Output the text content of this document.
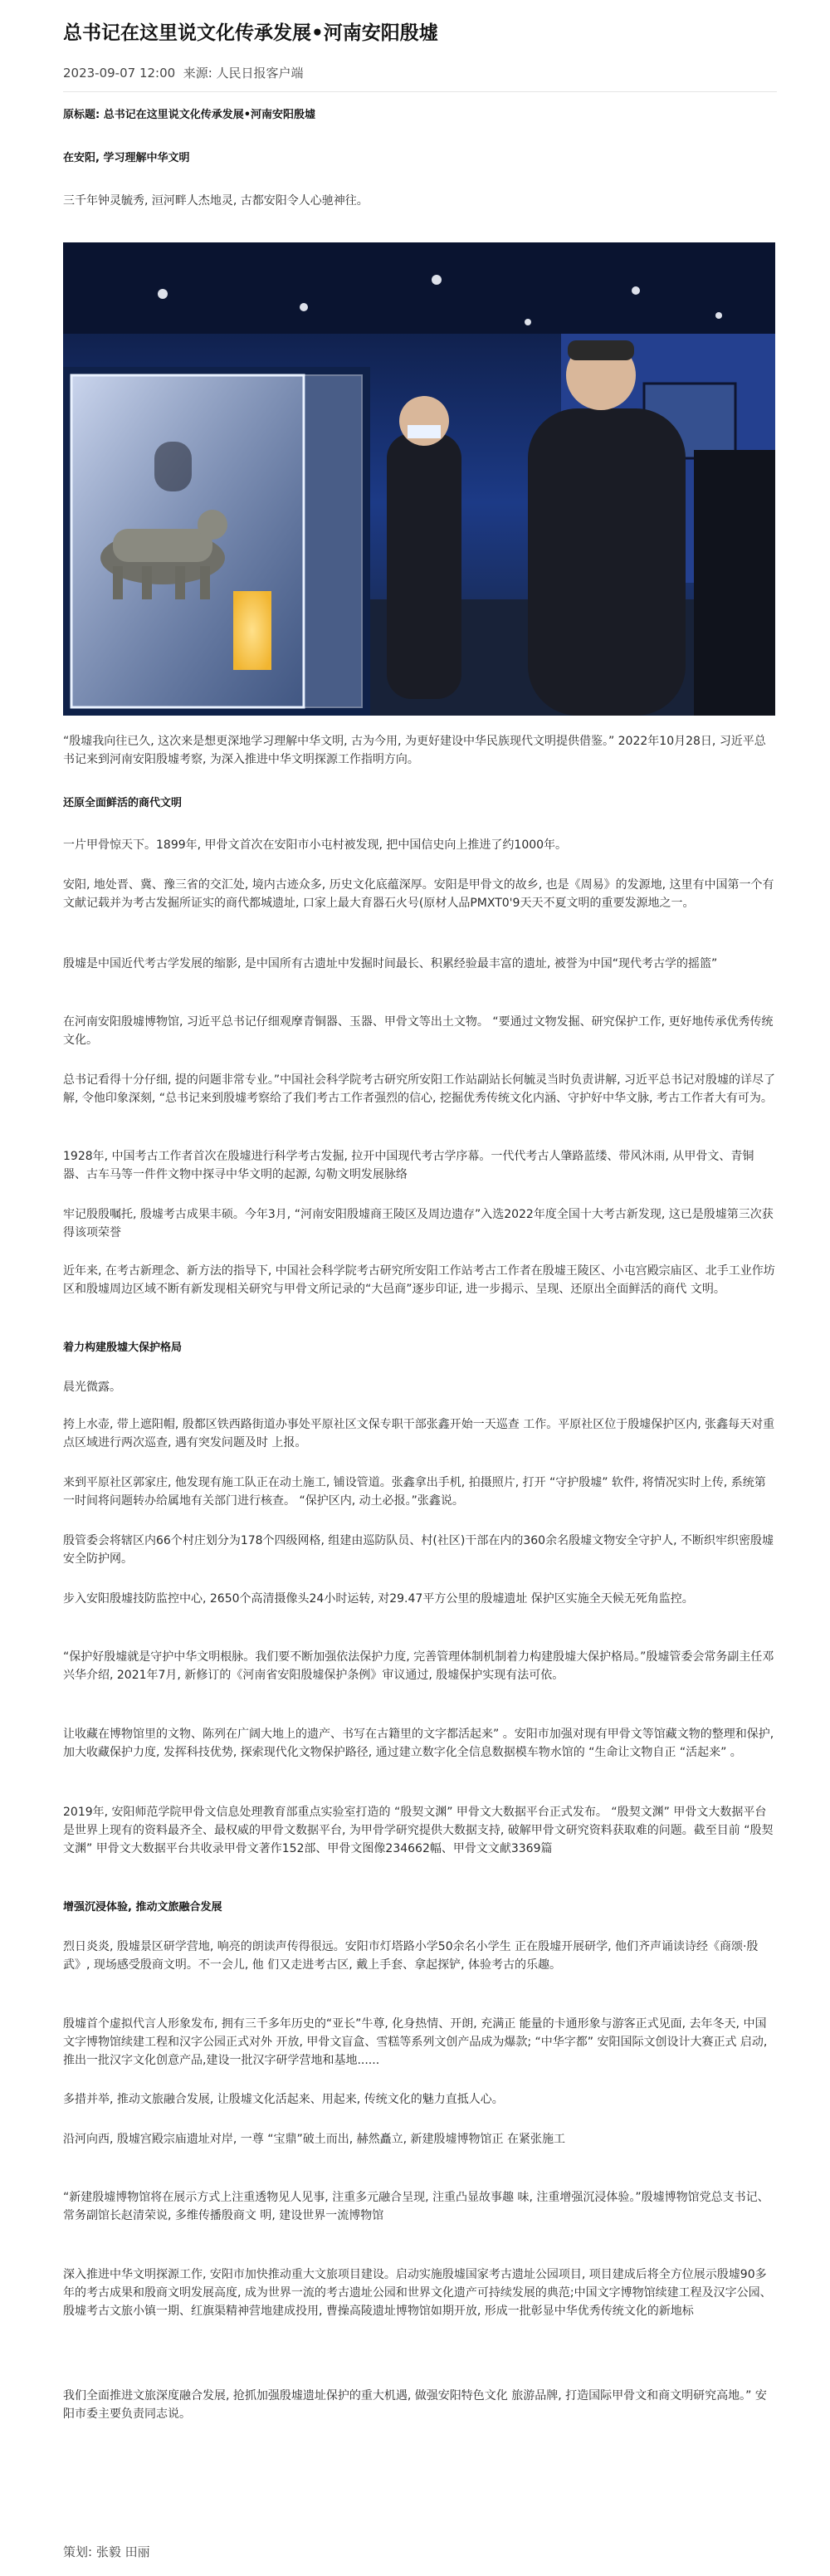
总书记在这里说文化传承发展•河南安阳殷墟
2023-09-07 12:00  来源: 人民日报客户端
原标题: 总书记在这里说文化传承发展•河南安阳殷墟
在安阳, 学习理解中华文明
三千年钟灵毓秀, 洹河畔人杰地灵, 古都安阳令人心驰神往。
“殷墟我向往已久, 这次来是想更深地学习理解中华文明, 古为今用, 为更好建设中华民族现代文明提供借鉴。” 2022年10月28日, 习近平总书记来到河南安阳殷墟考察, 为深入推进中华文明探源工作指明方向。
还原全面鲜活的商代文明
一片甲骨惊天下。1899年, 甲骨文首次在安阳市小屯村被发现, 把中国信史向上推进了约1000年。
安阳, 地处晋、冀、豫三省的交汇处, 境内古迹众多, 历史文化底蕴深厚。安阳是甲骨文的故乡, 也是《周易》的发源地, 这里有中国第一个有文献记载并为考古发掘所证实的商代都城遗址, 口家上最大育器石火号(原材人品PMXT0'9天天不夏文明的重要发源地之一。
殷墟是中国近代考古学发展的缩影, 是中国所有古遗址中发掘时间最长、积累经验最丰富的遗址, 被誉为中国“现代考古学的摇篮”
在河南安阳殷墟博物馆, 习近平总书记仔细观摩青铜器、玉器、甲骨文等出土文物。 “要通过文物发掘、研究保护工作, 更好地传承优秀传统文化。
总书记看得十分仔细, 提的问题非常专业。”中国社会科学院考古研究所安阳工作站副站长何毓灵当时负责讲解, 习近平总书记对殷墟的详尽了解, 令他印象深刻, “总书记来到殷墟考察给了我们考古工作者强烈的信心, 挖掘优秀传统文化内涵、守护好中华文脉, 考古工作者大有可为。
1928年, 中国考古工作者首次在殷墟进行科学考古发掘, 拉开中国现代考古学序幕。一代代考古人肇路蓝缕、带风沐雨, 从甲骨文、青铜器、古车马等一件件文物中探寻中华文明的起源, 勾勒文明发展脉络
牢记殷殷嘱托, 殷墟考古成果丰硕。今年3月, “河南安阳殷墟商王陵区及周边遗存”入选2022年度全国十大考古新发现, 这已是殷墟第三次获得该项荣誉
近年来, 在考古新理念、新方法的指导下, 中国社会科学院考古研究所安阳工作站考古工作者在殷墟王陵区、小屯宫殿宗庙区、北手工业作坊区和殷墟周边区域不断有新发现相关研究与甲骨文所记录的“大邑商”逐步印证, 进一步揭示、呈现、还原出全面鲜活的商代 文明。
着力构建殷墟大保护格局
晨光微露。
挎上水壶, 带上遮阳帽, 殷都区铁西路街道办事处平原社区文保专职干部张鑫开始一天巡查 工作。平原社区位于殷墟保护区内, 张鑫每天对重点区域进行两次巡查, 遇有突发问题及时 上报。
来到平原社区郭家庄, 他发现有施工队正在动土施工, 铺设管道。张鑫拿出手机, 拍摄照片, 打开 “守护殷墟” 软件, 将情况实时上传, 系统第一时间将问题转办给属地有关部门进行核查。 “保护区内, 动土必报。”张鑫说。
殷管委会将辖区内66个村庄划分为178个四级网格, 组建由巡防队员、村(社区)干部在内的360余名殷墟文物安全守护人, 不断织牢织密殷墟安全防护网。
步入安阳殷墟技防监控中心, 2650个高清摄像头24小时运转, 对29.47平方公里的殷墟遗址 保护区实施全天候无死角监控。
“保护好殷墟就是守护中华文明根脉。我们要不断加强依法保护力度, 完善管理体制机制着力构建殷墟大保护格局。”殷墟管委会常务副主任邓兴华介绍, 2021年7月, 新修订的《河南省安阳殷墟保护条例》审议通过, 殷墟保护实现有法可依。
让收藏在博物馆里的文物、陈列在广阔大地上的遗产、书写在古籍里的文字都活起来” 。安阳市加强对现有甲骨文等馆藏文物的整理和保护, 加大收藏保护力度, 发挥科技优势, 探索现代化文物保护路径, 通过建立数字化全信息数据模车物水馆的 “生命让文物自正 “活起来” 。
2019年, 安阳师范学院甲骨文信息处理教育部重点实验室打造的 “殷契文渊” 甲骨文大数据平台正式发布。 “殷契文渊” 甲骨文大数据平台是世界上现有的资料最齐全、最权威的甲骨文数据平台, 为甲骨学研究提供大数据支持, 破解甲骨文研究资料获取难的问题。截至目前 “殷契文渊” 甲骨文大数据平台共收录甲骨文著作152部、甲骨文图像234662幅、甲骨文文献3369篇
增强沉浸体验, 推动文旅融合发展
烈日炎炎, 殷墟景区研学营地, 响亮的朗读声传得很远。安阳市灯塔路小学50余名小学生 正在殷墟开展研学, 他们齐声诵读诗经《商颂·殷武》, 现场感受殷商文明。不一会儿, 他 们又走进考古区, 戴上手套、拿起探铲, 体验考古的乐趣。
殷墟首个虚拟代言人形象发布, 拥有三千多年历史的“亚长”牛尊, 化身热情、开朗, 充满正 能量的卡通形象与游客正式见面, 去年冬天, 中国文字博物馆续建工程和汉字公园正式对外 开放, 甲骨文盲盒、雪糕等系列文创产品成为爆款; “中华字都” 安阳国际文创设计大赛正式 启动, 推出一批汉字文化创意产品,建设一批汉字研学营地和基地......
多措并举, 推动文旅融合发展, 让殷墟文化活起来、用起来, 传统文化的魅力直抵人心。
沿河向西, 殷墟宫殿宗庙遗址对岸, 一尊 “宝鼎”破土而出, 赫然矗立, 新建殷墟博物馆正 在紧张施工
“新建殷墟博物馆将在展示方式上注重透物见人见事, 注重多元融合呈现, 注重凸显故事趣 味, 注重增强沉浸体验。”殷墟博物馆党总支书记、常务副馆长赵清荣说, 多维传播殷商文 明, 建设世界一流博物馆
深入推进中华文明探源工作, 安阳市加快推动重大文旅项目建设。启动实施殷墟国家考古遗址公园项目, 项目建成后将全方位展示殷墟90多年的考古成果和殷商文明发展高度, 成为世界一流的考古遗址公园和世界文化遗产可持续发展的典范;中国文字博物馆续建工程及汉字公园、殷墟考古文旅小镇一期、红旗渠精神营地建成投用, 曹操高陵遗址博物馆如期开放, 形成一批彰显中华优秀传统文化的新地标
我们全面推进文旅深度融合发展, 抢抓加强殷墟遗址保护的重大机遇, 做强安阳特色文化 旅游品牌, 打造国际甲骨文和商文明研究高地。” 安阳市委主要负责同志说。
策划: 张毅 田丽
